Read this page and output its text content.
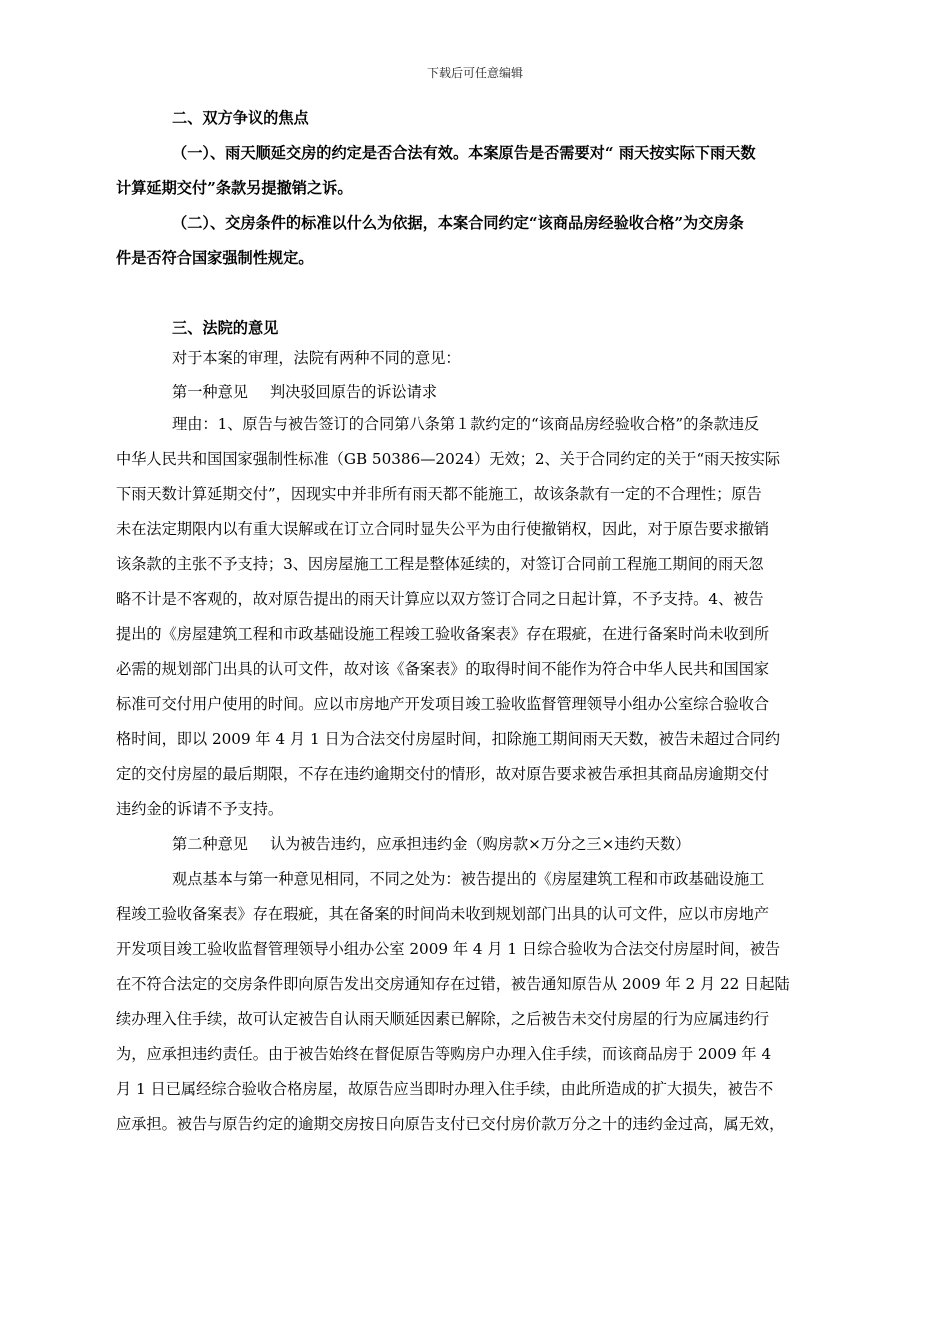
下载后可任意编辑
二、双方争议的焦点
（一）、雨天顺延交房的约定是否合法有效。本案原告是否需要对“ 雨天按实际下雨天数
计算延期交付”条款另提撤销之诉。
（二）、交房条件的标准以什么为依据，本案合同约定“该商品房经验收合格”为交房条
件是否符合国家强制性规定。
三、法院的意见
对于本案的审理，法院有两种不同的意见：
第一种意见 判决驳回原告的诉讼请求
理由：1、原告与被告签订的合同第八条第１款约定的“该商品房经验收合格”的条款违反
中华人民共和国国家强制性标准（GB 50386—2024）无效；2、关于合同约定的关于“雨天按实际
下雨天数计算延期交付”，因现实中并非所有雨天都不能施工，故该条款有一定的不合理性；原告
未在法定期限内以有重大误解或在订立合同时显失公平为由行使撤销权，因此，对于原告要求撤销
该条款的主张不予支持；3、因房屋施工工程是整体延续的，对签订合同前工程施工期间的雨天忽
略不计是不客观的，故对原告提出的雨天计算应以双方签订合同之日起计算，不予支持。4、被告
提出的《房屋建筑工程和市政基础设施工程竣工验收备案表》存在瑕疵，在进行备案时尚未收到所
必需的规划部门出具的认可文件，故对该《备案表》的取得时间不能作为符合中华人民共和国国家
标准可交付用户使用的时间。应以市房地产开发项目竣工验收监督管理领导小组办公室综合验收合
格时间，即以 2009 年 4 月 1 日为合法交付房屋时间，扣除施工期间雨天天数，被告未超过合同约
定的交付房屋的最后期限，不存在违约逾期交付的情形，故对原告要求被告承担其商品房逾期交付
违约金的诉请不予支持。
第二种意见 认为被告违约，应承担违约金（购房款×万分之三×违约天数）
观点基本与第一种意见相同，不同之处为：被告提出的《房屋建筑工程和市政基础设施工
程竣工验收备案表》存在瑕疵，其在备案的时间尚未收到规划部门出具的认可文件，应以市房地产
开发项目竣工验收监督管理领导小组办公室 2009 年 4 月 1 日综合验收为合法交付房屋时间，被告
在不符合法定的交房条件即向原告发出交房通知存在过错，被告通知原告从 2009 年 2 月 22 日起陆
续办理入住手续，故可认定被告自认雨天顺延因素已解除，之后被告未交付房屋的行为应属违约行
为，应承担违约责任。由于被告始终在督促原告等购房户办理入住手续，而该商品房于 2009 年 4
月 1 日已属经综合验收合格房屋，故原告应当即时办理入住手续，由此所造成的扩大损失，被告不
应承担。被告与原告约定的逾期交房按日向原告支付已交付房价款万分之十的违约金过高，属无效，
